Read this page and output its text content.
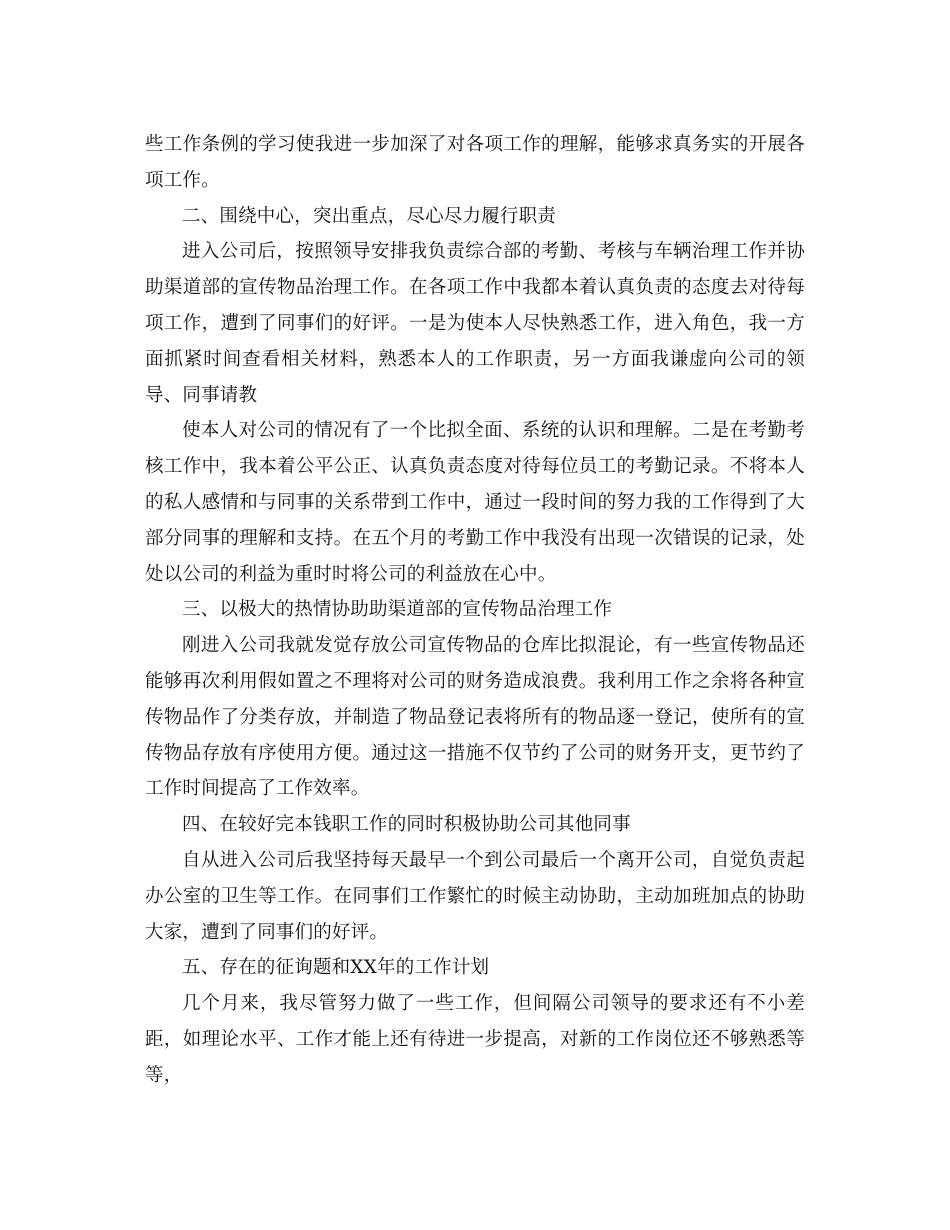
些工作条例的学习使我进一步加深了对各项工作的理解，能够求真务实的开展各项工作。

二、围绕中心，突出重点，尽心尽力履行职责

进入公司后，按照领导安排我负责综合部的考勤、考核与车辆治理工作并协助渠道部的宣传物品治理工作。在各项工作中我都本着认真负责的态度去对待每项工作，遭到了同事们的好评。一是为使本人尽快熟悉工作，进入角色，我一方面抓紧时间查看相关材料，熟悉本人的工作职责，另一方面我谦虚向公司的领导、同事请教

使本人对公司的情况有了一个比拟全面、系统的认识和理解。二是在考勤考核工作中，我本着公平公正、认真负责态度对待每位员工的考勤记录。不将本人的私人感情和与同事的关系带到工作中，通过一段时间的努力我的工作得到了大部分同事的理解和支持。在五个月的考勤工作中我没有出现一次错误的记录，处处以公司的利益为重时时将公司的利益放在心中。

三、以极大的热情协助助渠道部的宣传物品治理工作

刚进入公司我就发觉存放公司宣传物品的仓库比拟混论，有一些宣传物品还能够再次利用假如置之不理将对公司的财务造成浪费。我利用工作之余将各种宣传物品作了分类存放，并制造了物品登记表将所有的物品逐一登记，使所有的宣传物品存放有序使用方便。通过这一措施不仅节约了公司的财务开支，更节约了工作时间提高了工作效率。

四、在较好完本钱职工作的同时积极协助公司其他同事

自从进入公司后我坚持每天最早一个到公司最后一个离开公司，自觉负责起办公室的卫生等工作。在同事们工作繁忙的时候主动协助，主动加班加点的协助大家，遭到了同事们的好评。

五、存在的征询题和XX年的工作计划

几个月来，我尽管努力做了一些工作，但间隔公司领导的要求还有不小差距，如理论水平、工作才能上还有待进一步提高，对新的工作岗位还不够熟悉等等，
